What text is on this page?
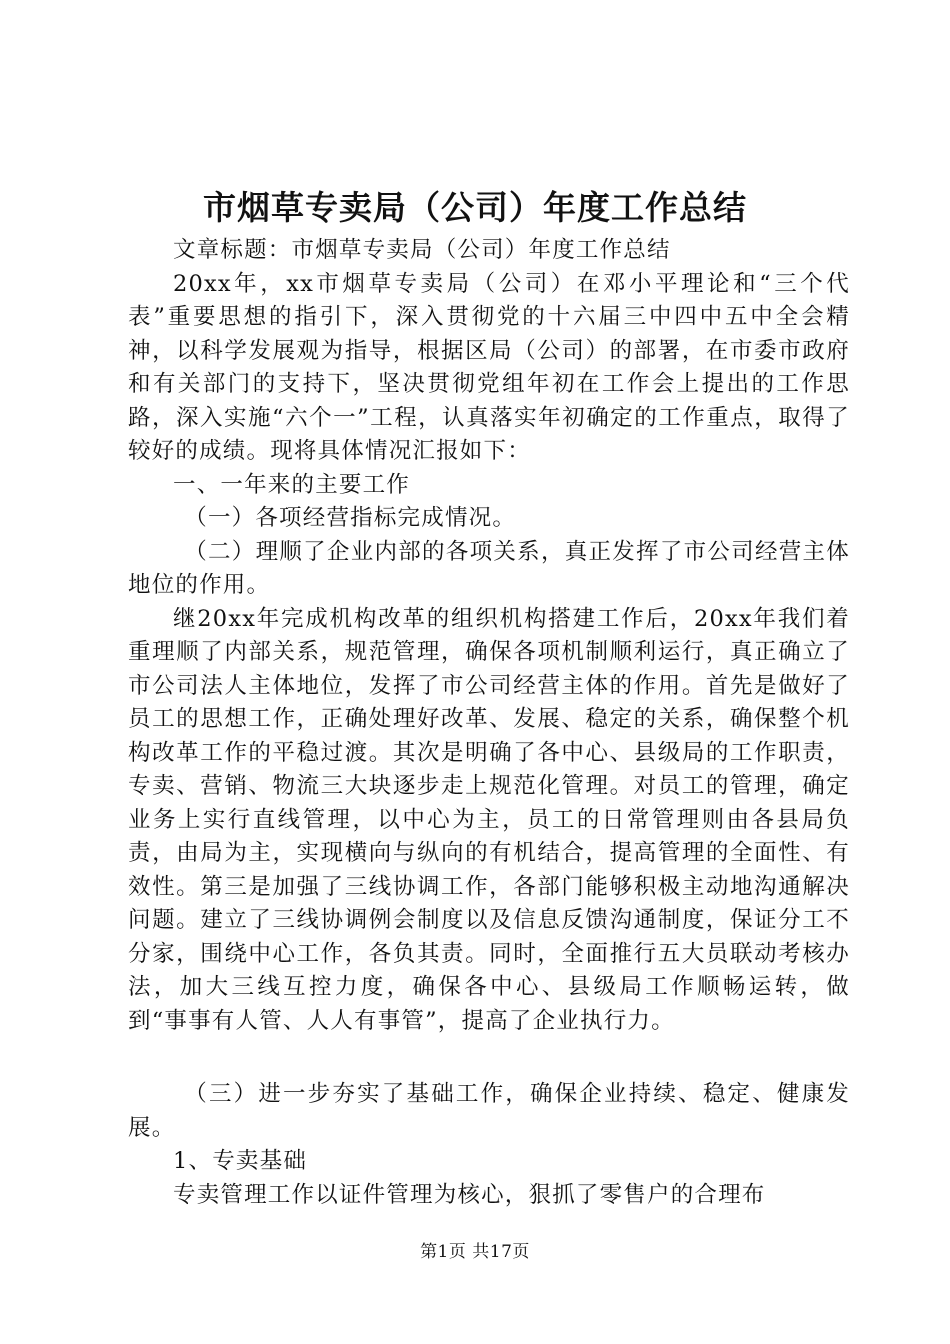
市烟草专卖局（公司）年度工作总结

文章标题：市烟草专卖局（公司）年度工作总结

20xx年，xx市烟草专卖局（公司）在邓小平理论和“三个代表”重要思想的指引下，深入贯彻党的十六届三中四中五中全会精神，以科学发展观为指导，根据区局（公司）的部署，在市委市政府和有关部门的支持下，坚决贯彻党组年初在工作会上提出的工作思路，深入实施“六个一”工程，认真落实年初确定的工作重点，取得了较好的成绩。现将具体情况汇报如下：

一、一年来的主要工作

（一）各项经营指标完成情况。

（二）理顺了企业内部的各项关系，真正发挥了市公司经营主体地位的作用。

继20xx年完成机构改革的组织机构搭建工作后，20xx年我们着重理顺了内部关系，规范管理，确保各项机制顺利运行，真正确立了市公司法人主体地位，发挥了市公司经营主体的作用。首先是做好了员工的思想工作，正确处理好改革、发展、稳定的关系，确保整个机构改革工作的平稳过渡。其次是明确了各中心、县级局的工作职责，专卖、营销、物流三大块逐步走上规范化管理。对员工的管理，确定业务上实行直线管理，以中心为主，员工的日常管理则由各县局负责，由局为主，实现横向与纵向的有机结合，提高管理的全面性、有效性。第三是加强了三线协调工作，各部门能够积极主动地沟通解决问题。建立了三线协调例会制度以及信息反馈沟通制度，保证分工不分家，围绕中心工作，各负其责。同时，全面推行五大员联动考核办法，加大三线互控力度，确保各中心、县级局工作顺畅运转，做到“事事有人管、人人有事管”，提高了企业执行力。

（三）进一步夯实了基础工作，确保企业持续、稳定、健康发展。

1、专卖基础

专卖管理工作以证件管理为核心，狠抓了零售户的合理布

第1页 共17页
